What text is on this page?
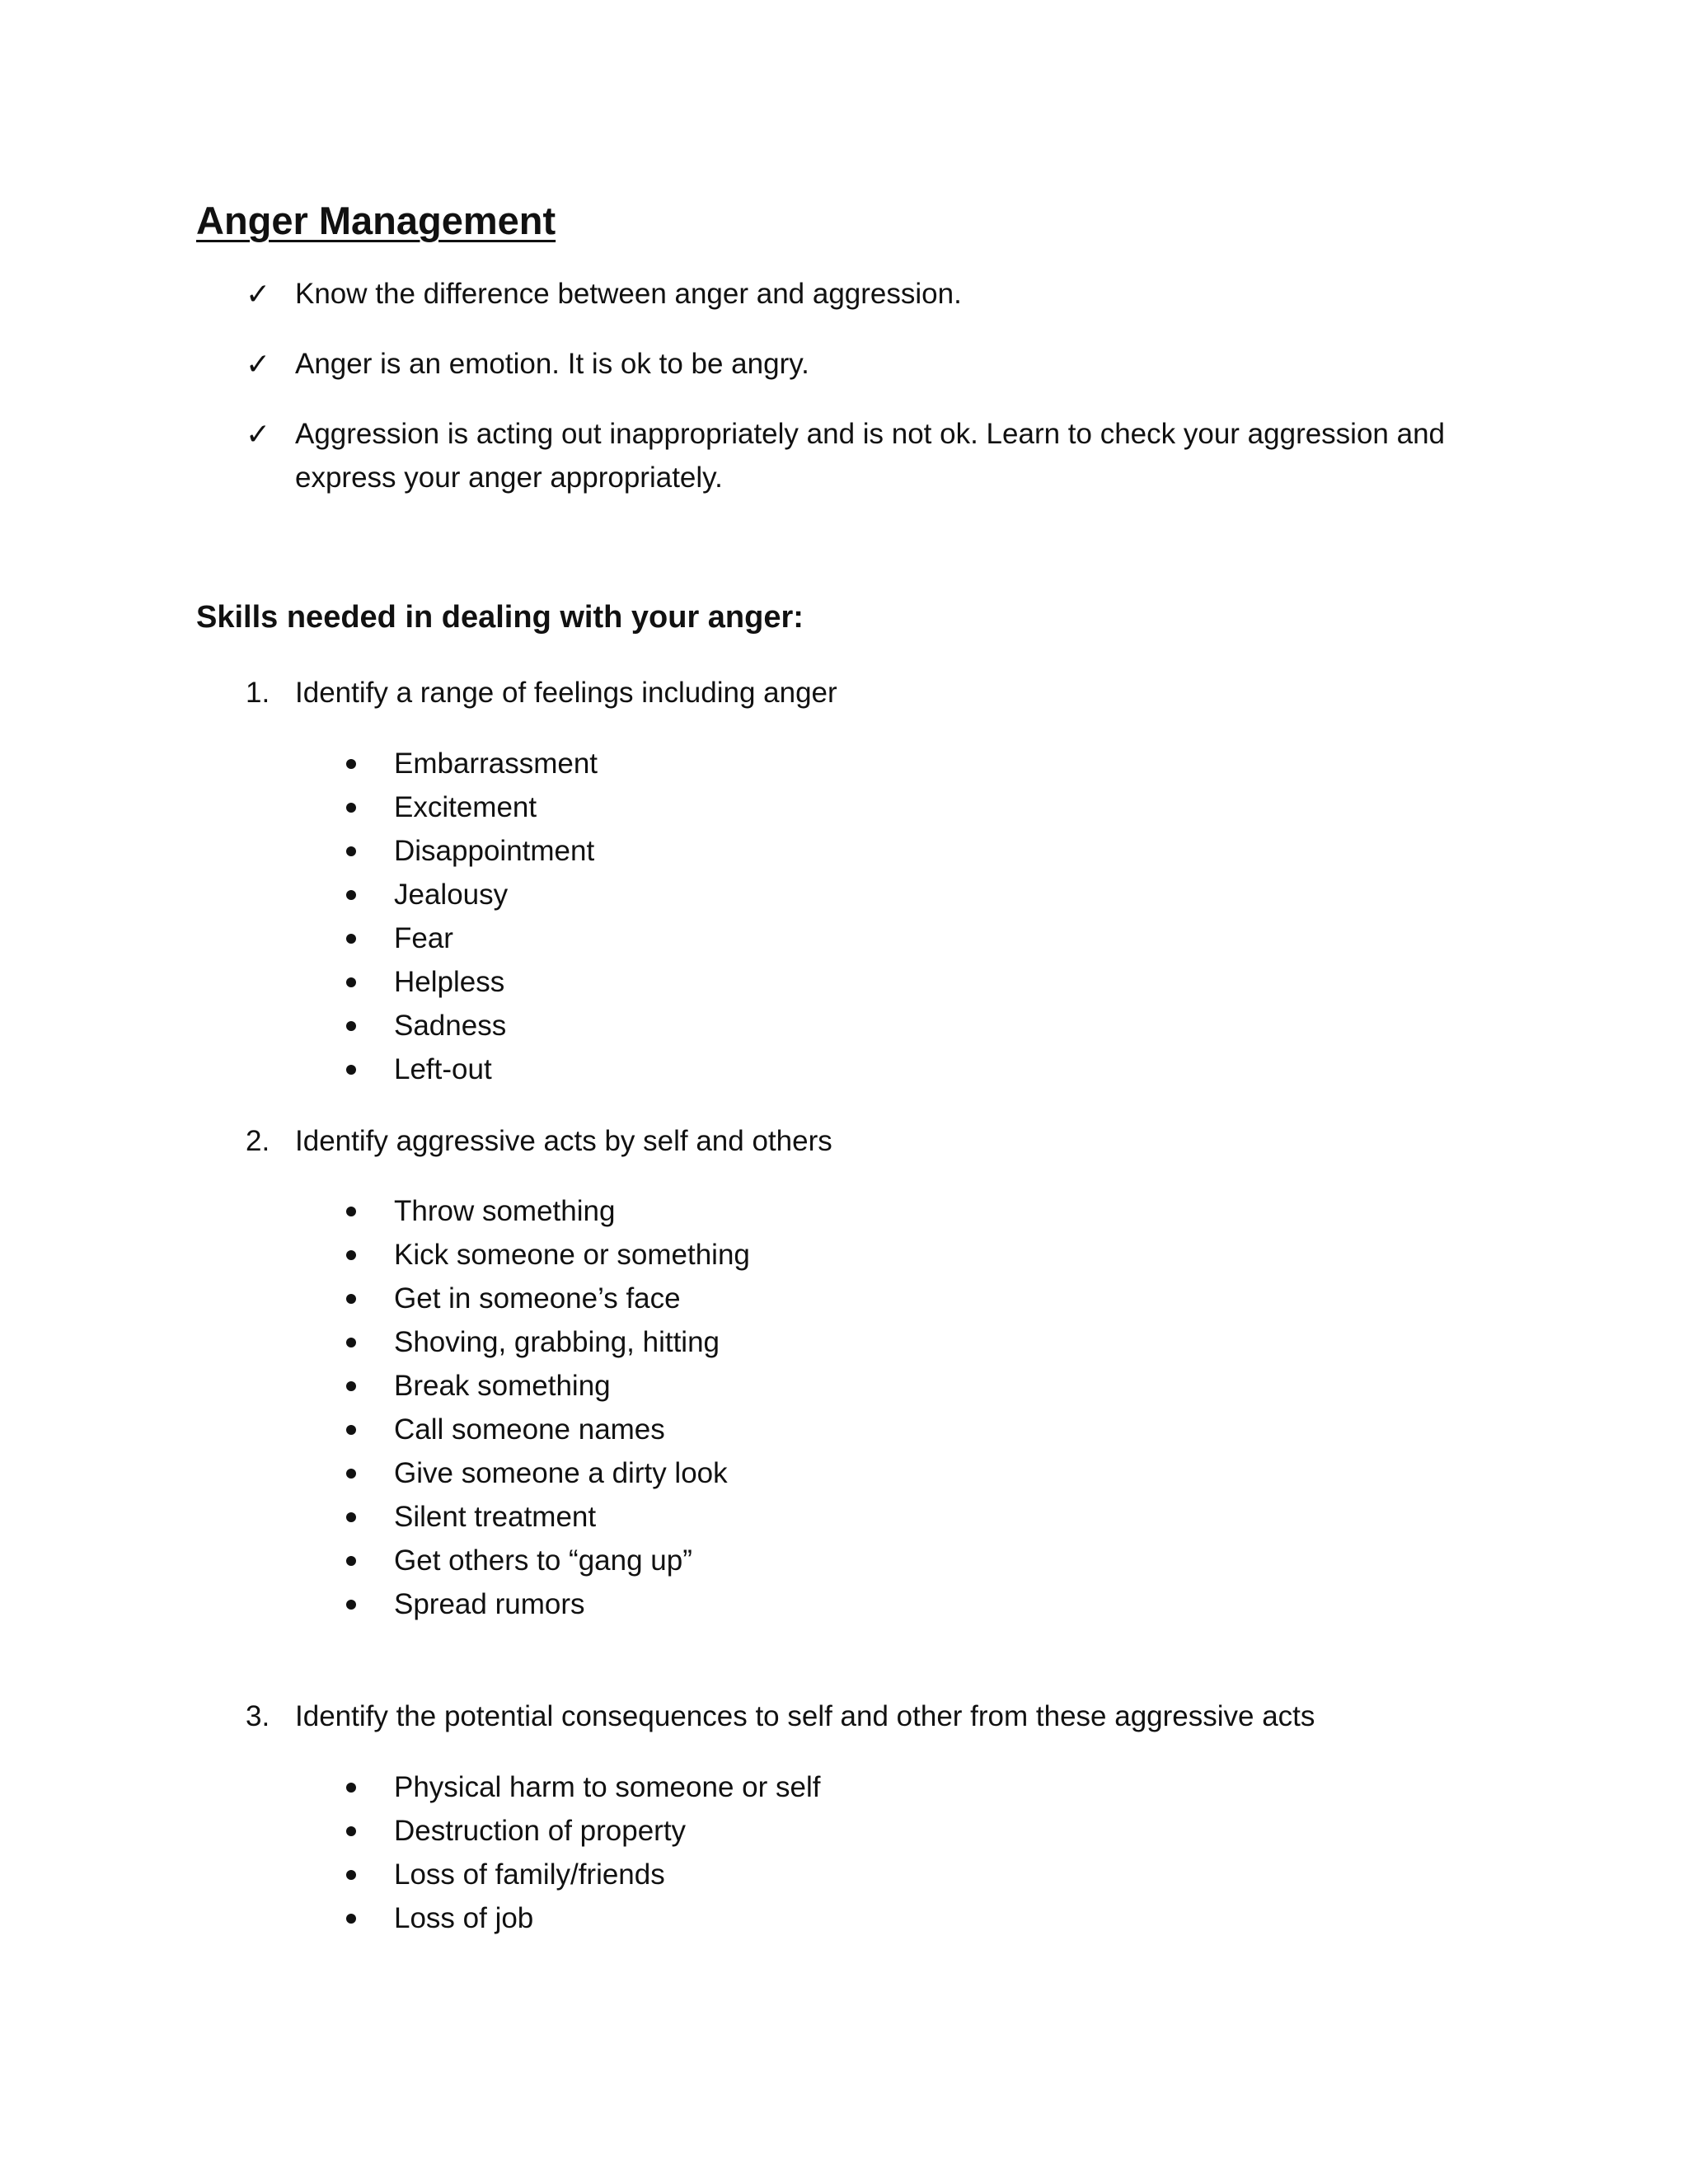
Anger Management
✓ Know the difference between anger and aggression.
✓ Anger is an emotion. It is ok to be angry.
✓ Aggression is acting out inappropriately and is not ok. Learn to check your aggression and express your anger appropriately.
Skills needed in dealing with your anger:
1. Identify a range of feelings including anger
Embarrassment
Excitement
Disappointment
Jealousy
Fear
Helpless
Sadness
Left-out
2. Identify aggressive acts by self and others
Throw something
Kick someone or something
Get in someone’s face
Shoving, grabbing, hitting
Break something
Call someone names
Give someone a dirty look
Silent treatment
Get others to “gang up”
Spread rumors
3. Identify the potential consequences to self and other from these aggressive acts
Physical harm to someone or self
Destruction of property
Loss of family/friends
Loss of job
